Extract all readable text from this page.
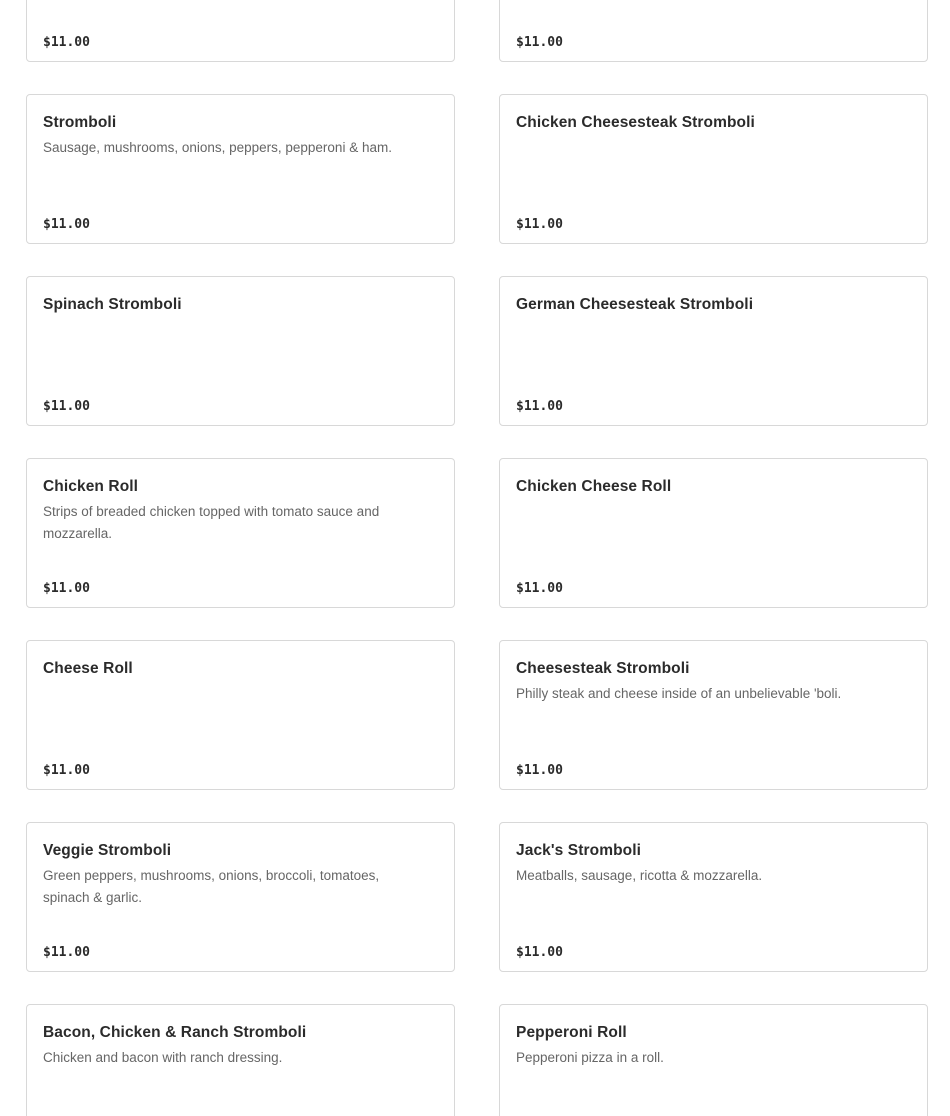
$11.00	$11.00
Stromboli
Sausage, mushrooms, onions, peppers, pepperoni & ham.
$11.00
Chicken Cheesesteak Stromboli
$11.00
Spinach Stromboli
$11.00
German Cheesesteak Stromboli
$11.00
Chicken Roll
Strips of breaded chicken topped with tomato sauce and mozzarella.
$11.00
Chicken Cheese Roll
$11.00
Cheese Roll
$11.00
Cheesesteak Stromboli
Philly steak and cheese inside of an unbelievable 'boli.
$11.00
Veggie Stromboli
Green peppers, mushrooms, onions, broccoli, tomatoes, spinach & garlic.
$11.00
Jack's Stromboli
Meatballs, sausage, ricotta & mozzarella.
$11.00
Bacon, Chicken & Ranch Stromboli
Chicken and bacon with ranch dressing.
Pepperoni Roll
Pepperoni pizza in a roll.
